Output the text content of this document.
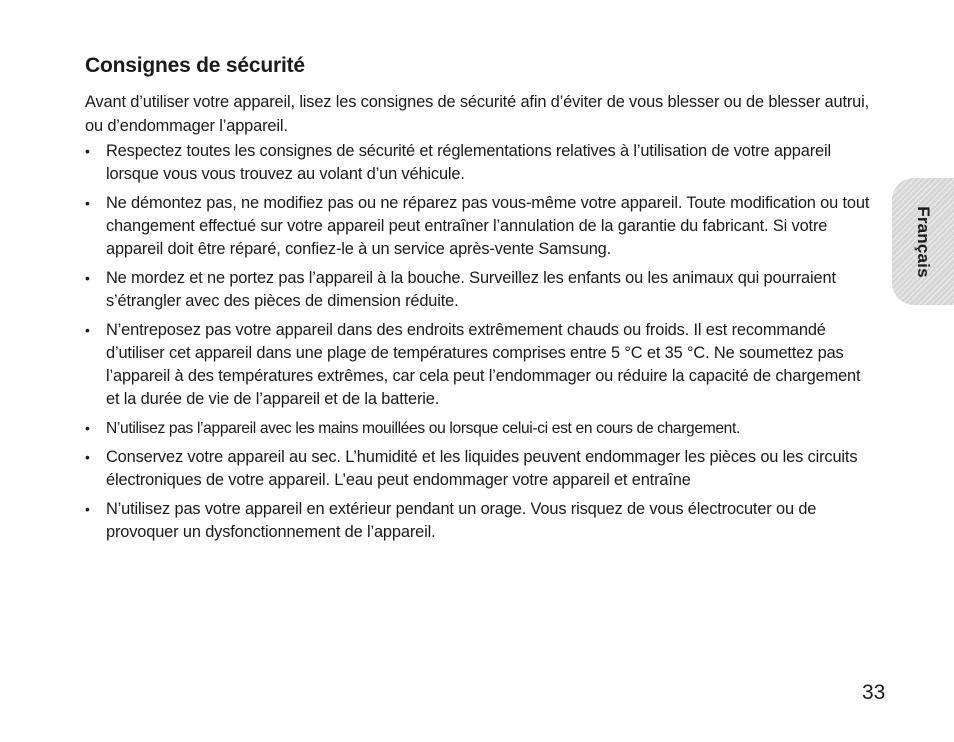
Consignes de sécurité

Avant d’utiliser votre appareil, lisez les consignes de sécurité afin d’éviter de vous blesser ou de blesser autrui, ou d’endommager l’appareil.

• Respectez toutes les consignes de sécurité et réglementations relatives à l’utilisation de votre appareil lorsque vous vous trouvez au volant d’un véhicule.
• Ne démontez pas, ne modifiez pas ou ne réparez pas vous-même votre appareil. Toute modification ou tout changement effectué sur votre appareil peut entraîner l’annulation de la garantie du fabricant. Si votre appareil doit être réparé, confiez-le à un service après-vente Samsung.
• Ne mordez et ne portez pas l’appareil à la bouche. Surveillez les enfants ou les animaux qui pourraient s’étrangler avec des pièces de dimension réduite.
• N’entreposez pas votre appareil dans des endroits extrêmement chauds ou froids. Il est recommandé d’utiliser cet appareil dans une plage de températures comprises entre 5 °C et 35 °C. Ne soumettez pas l’appareil à des températures extrêmes, car cela peut l’endommager ou réduire la capacité de chargement et la durée de vie de l’appareil et de la batterie.
• N’utilisez pas l’appareil avec les mains mouillées ou lorsque celui-ci est en cours de chargement.
• Conservez votre appareil au sec. L’humidité et les liquides peuvent endommager les pièces ou les circuits électroniques de votre appareil. L’eau peut endommager votre appareil et entraîne
• N’utilisez pas votre appareil en extérieur pendant un orage. Vous risquez de vous électrocuter ou de provoquer un dysfonctionnement de l’appareil.
Français
33
